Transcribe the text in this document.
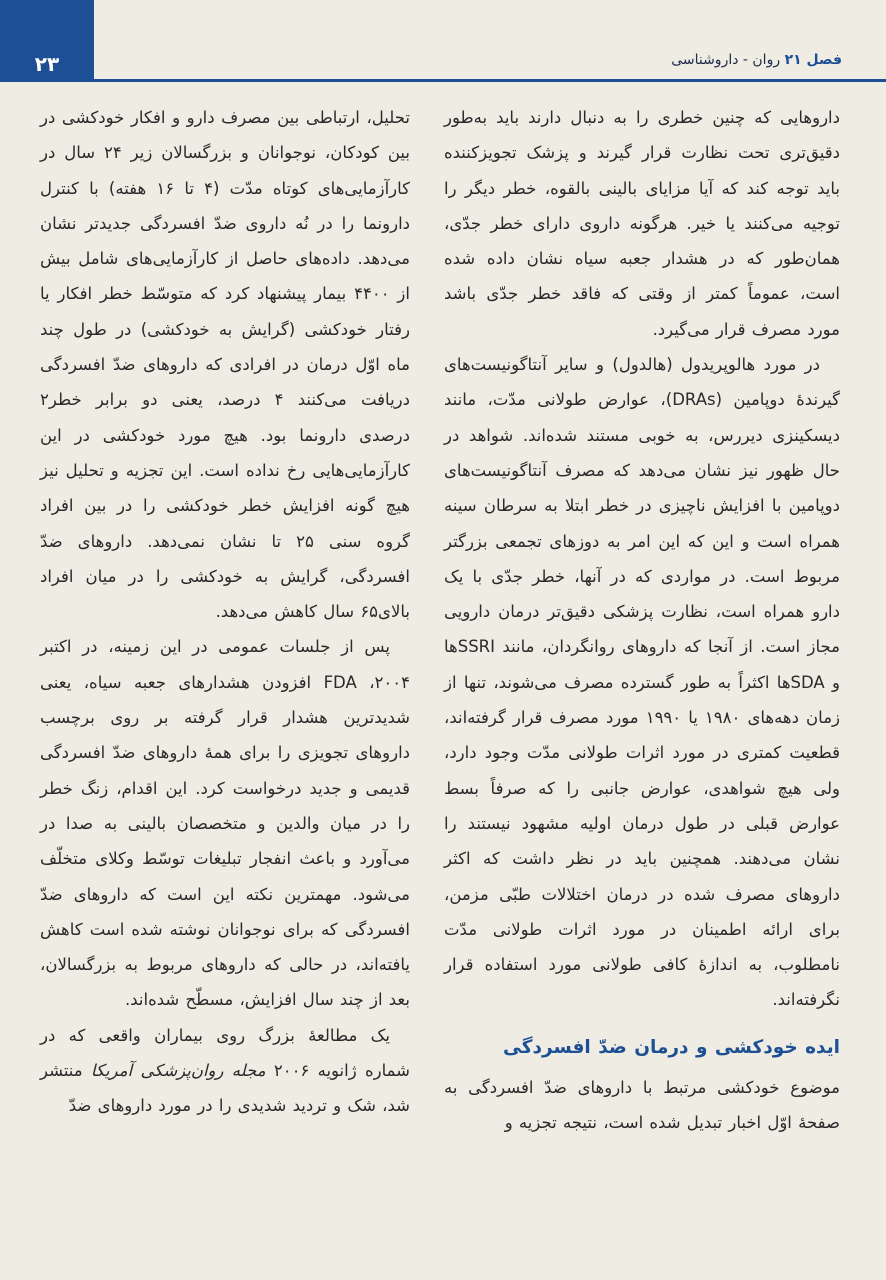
۲۳	فصل ۲۱ روان - داروشناسی

داروهایی که چنین خطری را به دنبال دارند باید به‌طور دقیق‌تری تحت نظارت قرار گیرند و پزشک تجویزکننده باید توجه کند که آیا مزایای بالینی بالقوه، خطر دیگر را توجیه می‌کنند یا خیر. هرگونه داروی دارای خطر جدّی، همان‌طور که در هشدار جعبه سیاه نشان داده شده است، عموماً کمتر از وقتی که فاقد خطر جدّی باشد مورد مصرف قرار می‌گیرد.

در مورد هالوپریدول (هالدول) و سایر آنتاگونیست‌های گیرندهٔ دوپامین (DRAs)، عوارض طولانی مدّت، مانند دیسکینزی دیررس، به خوبی مستند شده‌اند. شواهد در حال ظهور نیز نشان می‌دهد که مصرف آنتاگونیست‌های دوپامین با افزایش ناچیزی در خطر ابتلا به سرطان سینه همراه است و این که این امر به دوزهای تجمعی بزرگتر مربوط است. در مواردی که در آنها، خطر جدّی با یک دارو همراه است، نظارت پزشکی دقیق‌تر درمان دارویی مجاز است. از آنجا که داروهای روانگردان، مانند SSRIها و SDAها اکثراً به طور گسترده مصرف می‌شوند، تنها از زمان دهه‌های ۱۹۸۰ یا ۱۹۹۰ مورد مصرف قرار گرفته‌اند، قطعیت کمتری در مورد اثرات طولانی مدّت وجود دارد، ولی هیچ شواهدی، عوارض جانبی را که صرفاً بسط عوارض قبلی در طول درمان اولیه مشهود نیستند را نشان می‌دهند. همچنین باید در نظر داشت که اکثر داروهای مصرف شده در درمان اختلالات طبّی مزمن، برای ارائه اطمینان در مورد اثرات طولانی مدّت نامطلوب، به اندازهٔ کافی طولانی مورد استفاده قرار نگرفته‌اند.

ایده خودکشی و درمان ضدّ افسردگی

موضوع خودکشی مرتبط با داروهای ضدّ افسردگی به صفحهٔ اوّل اخبار تبدیل شده است، نتیجه تجزیه و

تحلیل، ارتباطی بین مصرف دارو و افکار خودکشی در بین کودکان، نوجوانان و بزرگسالان زیر ۲۴ سال در کارآزمایی‌های کوتاه مدّت (۴ تا ۱۶ هفته) با کنترل دارونما را در نُه داروی ضدّ افسردگی جدیدتر نشان می‌دهد. داده‌های حاصل از کارآزمایی‌های شامل بیش از ۴۴۰۰ بیمار پیشنهاد کرد که متوسّط خطر افکار یا رفتار خودکشی (گرایش به خودکشی) در طول چند ماه اوّل درمان در افرادی که داروهای ضدّ افسردگی دریافت می‌کنند ۴ درصد، یعنی دو برابر خطر۲ درصدی دارونما بود. هیچ مورد خودکشی در این کارآزمایی‌هایی رخ نداده است. این تجزیه و تحلیل نیز هیچ گونه افزایش خطر خودکشی را در بین افراد گروه سنی ۲۵ تا نشان نمی‌دهد. داروهای ضدّ افسردگی، گرایش به خودکشی را در میان افراد بالای۶۵ سال کاهش می‌دهد.

پس از جلسات عمومی در این زمینه، در اکتبر ۲۰۰۴، FDA افزودن هشدارهای جعبه سیاه، یعنی شدیدترین هشدار قرار گرفته بر روی برچسب داروهای تجویزی را برای همهٔ داروهای ضدّ افسردگی قدیمی و جدید درخواست کرد. این اقدام، زنگ خطر را در میان والدین و متخصصان بالینی به صدا در می‌آورد و باعث انفجار تبلیغات توسّط وکلای متخلّف می‌شود. مهمترین نکته این است که داروهای ضدّ افسردگی که برای نوجوانان نوشته شده است کاهش یافته‌اند، در حالی که داروهای مربوط به بزرگسالان، بعد از چند سال افزایش، مسطّح شده‌اند.

یک مطالعهٔ بزرگ روی بیماران واقعی که در شماره ژانویه ۲۰۰۶ مجله روان‌پزشکی آمریکا منتشر شد، شک و تردید شدیدی را در مورد داروهای ضدّ
